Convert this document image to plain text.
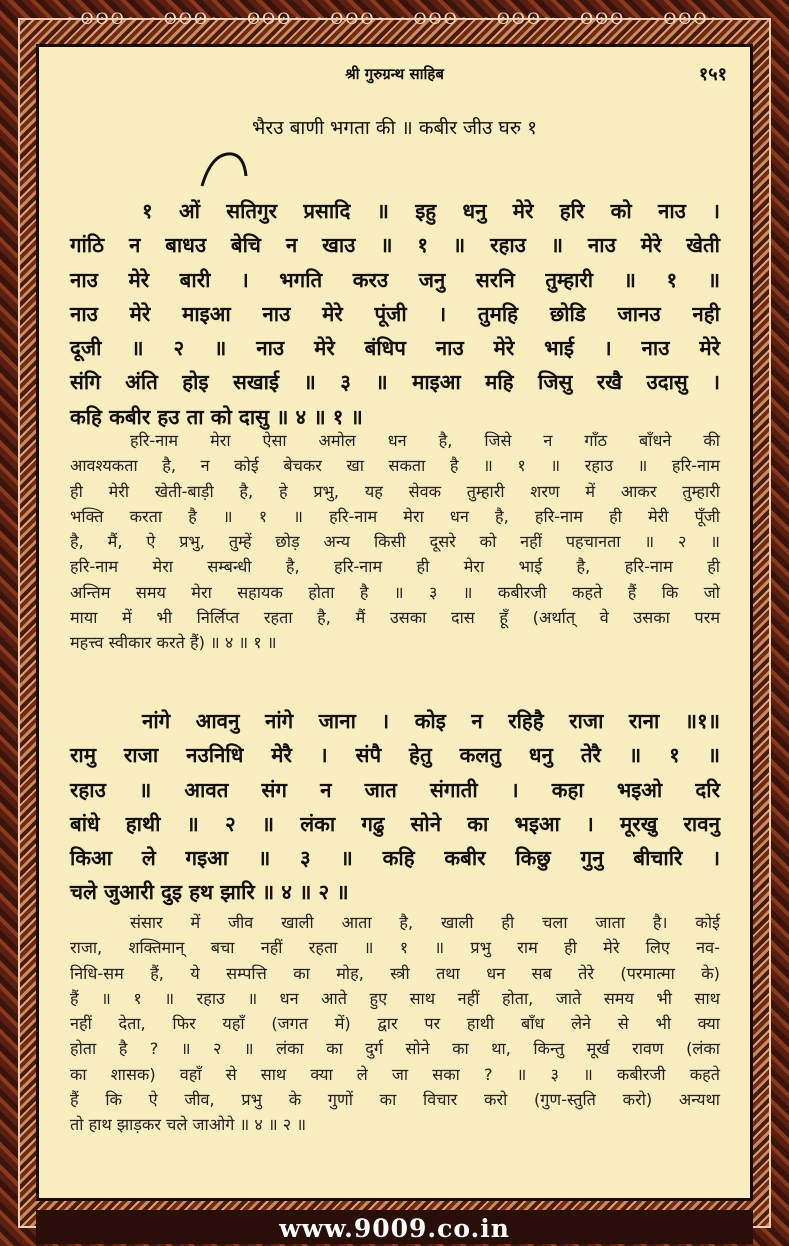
~ʘʘʘ~ ~ʘʘʘ~ ~ʘʘʘ~ ~ʘʘʘ~ ~ʘʘʘ~ ~ʘʘʘ~ ~ʘʘʘ~ ~ʘʘʘ~
श्री गुरुग्रन्थ साहिब	१५१
भैरउ बाणी भगता की ॥ कबीर जीउ घरु १
१ ओं सतिगुर प्रसादि ॥ इहु धनु मेरे हरि को नाउ ।
गांठि न बाधउ बेचि न खाउ ॥ १ ॥ रहाउ ॥ नाउ मेरे खेती
नाउ मेरे बारी । भगति करउ जनु सरनि तुम्हारी ॥ १ ॥
नाउ मेरे माइआ नाउ मेरे पूंजी । तुमहि छोडि जानउ नही
दूजी ॥ २ ॥ नाउ मेरे बंधिप नाउ मेरे भाई । नाउ मेरे
संगि अंति होइ सखाई ॥ ३ ॥ माइआ महि जिसु रखै उदासु ।
कहि कबीर हउ ता को दासु ॥ ४ ॥ १ ॥
हरि-नाम मेरा ऐसा अमोल धन है, जिसे न गाँठ बाँधने की
आवश्यकता है, न कोई बेचकर खा सकता है ॥ १ ॥ रहाउ ॥ हरि-नाम
ही मेरी खेती-बाड़ी है, हे प्रभु, यह सेवक तुम्हारी शरण में आकर तुम्हारी
भक्ति करता है ॥ १ ॥ हरि-नाम मेरा धन है, हरि-नाम ही मेरी पूँजी
है, मैं, ऐ प्रभु, तुम्हें छोड़ अन्य किसी दूसरे को नहीं पहचानता ॥ २ ॥
हरि-नाम मेरा सम्बन्धी है, हरि-नाम ही मेरा भाई है, हरि-नाम ही
अन्तिम समय मेरा सहायक होता है ॥ ३ ॥ कबीरजी कहते हैं कि जो
माया में भी निर्लिप्त रहता है, मैं उसका दास हूँ (अर्थात् वे उसका परम
महत्त्व स्वीकार करते हैं) ॥ ४ ॥ १ ॥
नांगे आवनु नांगे जाना । कोइ न रहिहै राजा राना ॥१॥
रामु राजा नउनिधि मेरै । संपै हेतु कलतु धनु तेरै ॥ १ ॥
रहाउ ॥ आवत संग न जात संगाती । कहा भइओ दरि
बांधे हाथी ॥ २ ॥ लंका गढु सोने का भइआ । मूरखु रावनु
किआ ले गइआ ॥ ३ ॥ कहि कबीर किछु गुनु बीचारि ।
चले जुआरी दुइ हथ झारि ॥ ४ ॥ २ ॥
संसार में जीव खाली आता है, खाली ही चला जाता है। कोई
राजा, शक्तिमान् बचा नहीं रहता ॥ १ ॥ प्रभु राम ही मेरे लिए नव-
निधि-सम हैं, ये सम्पत्ति का मोह, स्त्री तथा धन सब तेरे (परमात्मा के)
हैं ॥ १ ॥ रहाउ ॥ धन आते हुए साथ नहीं होता, जाते समय भी साथ
नहीं देता, फिर यहाँ (जगत में) द्वार पर हाथी बाँध लेने से भी क्या
होता है ? ॥ २ ॥ लंका का दुर्ग सोने का था, किन्तु मूर्ख रावण (लंका
का शासक) वहाँ से साथ क्या ले जा सका ? ॥ ३ ॥ कबीरजी कहते
हैं कि ऐ जीव, प्रभु के गुणों का विचार करो (गुण-स्तुति करो) अन्यथा
तो हाथ झाड़कर चले जाओगे ॥ ४ ॥ २ ॥
www.9009.co.in
